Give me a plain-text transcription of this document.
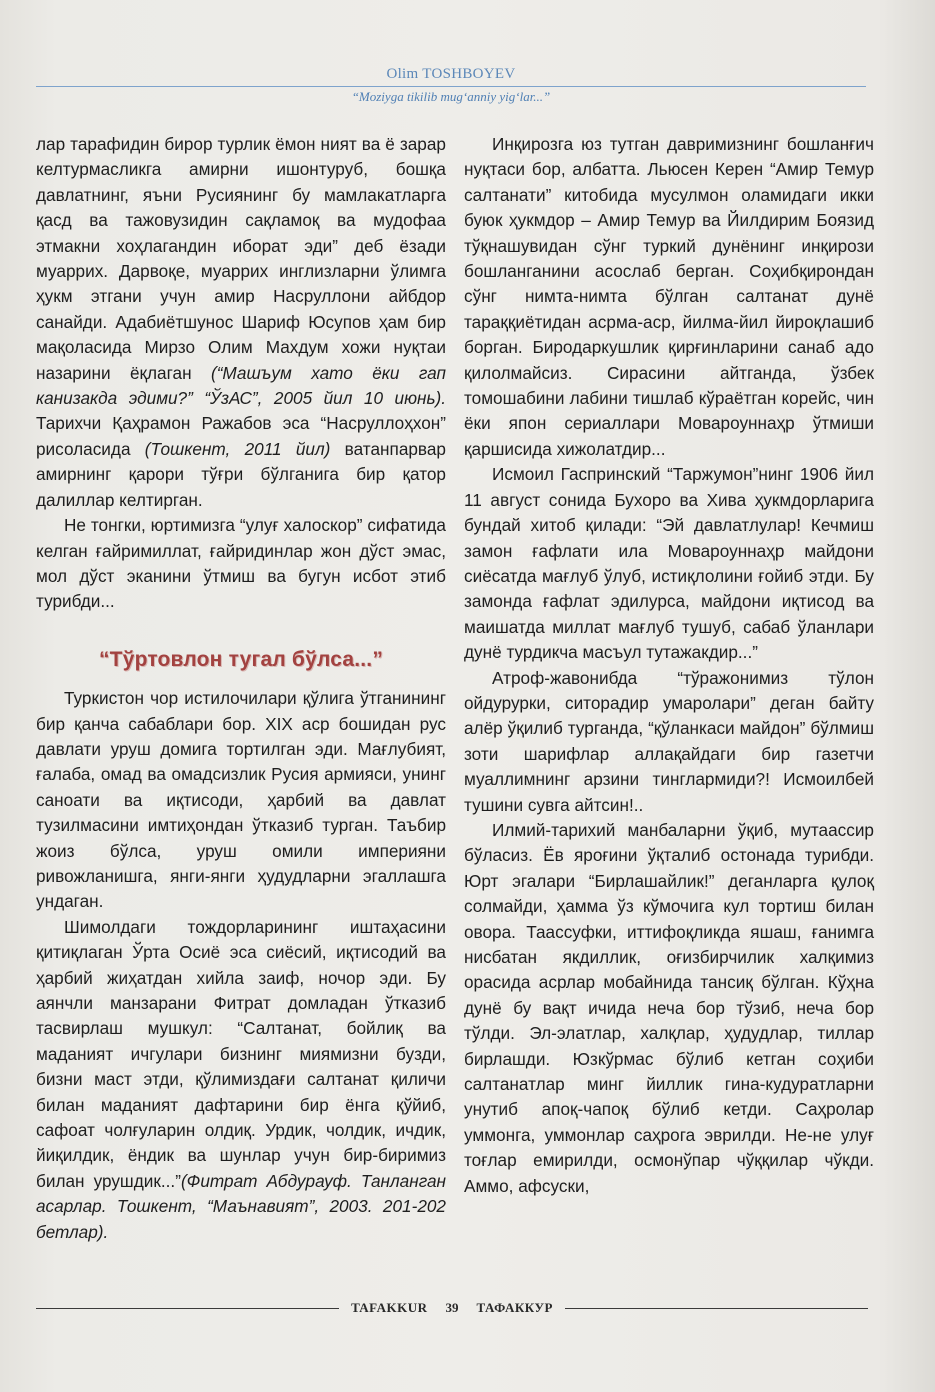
Olim TOSHBOYEV
“Moziyga tikilib mug‘anniy yig‘lar...”

лар тарафидин бирор турлик ёмон ният ва ё зарар келтурмасликга амирни ишонтуруб, бошқа давлатнинг, яъни Русиянинг бу мамлакатларга қасд ва тажовузидин сақламоқ ва мудофаа этмакни хоҳлагандин иборат эди” деб ёзади муаррих. Дарвоқе, муаррих инглизларни ўлимга ҳукм этгани учун амир Насруллони айбдор санайди. Адабиётшунос Шариф Юсупов ҳам бир мақоласида Мирзо Олим Махдум хожи нуқтаи назарини ёқлаган (“Машъум хато ёки гап канизакда эдими?” “ЎзАС”, 2005 йил 10 июнь). Тарихчи Қаҳрамон Ражабов эса “Насруллоҳхон” рисоласида (Тошкент, 2011 йил) ватанпарвар амирнинг қарори тўғри бўлганига бир қатор далиллар келтирган.

Не тонгки, юртимизга “улуғ халоскор” сифатида келган ғайримиллат, ғайридинлар жон дўст эмас, мол дўст эканини ўтмиш ва бугун исбот этиб турибди...

“Тўртовлон тугал бўлса...”

Туркистон чор истилочилари қўлига ўтганининг бир қанча сабаблари бор. XIX аср бошидан рус давлати уруш домига тортилган эди. Мағлубият, ғалаба, омад ва омадсизлик Русия армияси, унинг саноати ва иқтисоди, ҳарбий ва давлат тузилмасини имтиҳондан ўтказиб турган. Таъбир жоиз бўлса, уруш омили империяни ривожланишга, янги-янги ҳудудларни эгаллашга ундаган.

Шимолдаги тождорларининг иштаҳасини қитиқлаган Ўрта Осиё эса сиёсий, иқтисодий ва ҳарбий жиҳатдан хийла заиф, ночор эди. Бу аянчли манзарани Фитрат домладан ўтказиб тасвирлаш мушкул: “Салтанат, бойлиқ ва маданият ичгулари бизнинг миямизни бузди, бизни маст этди, қўлимиздағи салтанат қиличи билан маданият дафтарини бир ёнга қўйиб, сафоат чолғуларин олдиқ. Урдик, чолдик, ичдик, йиқилдик, ёндик ва шунлар учун бир-биримиз билан урушдик...”(Фитрат Абдурауф. Танланган асарлар. Тошкент, “Маънавият”, 2003. 201-202 бетлар).

Инқирозга юз тутган давримизнинг бошланғич нуқтаси бор, албатта. Льюсен Керен “Амир Темур салтанати” китобида мусулмон оламидаги икки буюк ҳукмдор – Амир Темур ва Йилдирим Боязид тўқнашувидан сўнг туркий дунёнинг инқирози бошланганини асослаб берган. Соҳибқирондан сўнг нимта-нимта бўлган салтанат дунё тараққиётидан асрма-аср, йилма-йил йироқлашиб борган. Биродаркушлик қирғинларини санаб адо қилолмайсиз. Сирасини айтганда, ўзбек томошабини лабини тишлаб кўраётган корейс, чин ёки япон сериаллари Мовароуннаҳр ўтмиши қаршисида хижолатдир...

Исмоил Гаспринский “Таржумон”нинг 1906 йил 11 август сонида Бухоро ва Хива ҳукмдорларига бундай хитоб қилади: “Эй давлатлулар! Кечмиш замон ғафлати ила Мовароуннаҳр майдони сиёсатда мағлуб ўлуб, истиқлолини ғойиб этди. Бу замонда ғафлат эдилурса, майдони иқтисод ва маишатда миллат мағлуб тушуб, сабаб ўланлари дунё турдикча масъул тутажакдир...”

Атроф-жавонибда “тўражонимиз тўлон ойдурурки, ситорадир умаролари” деган байту алёр ўқилиб турганда, “қўланкаси майдон” бўлмиш зоти шарифлар аллақайдаги бир газетчи муаллимнинг арзини тинглармиди?! Исмоилбей тушини сувга айтсин!..

Илмий-тарихий манбаларни ўқиб, мутаассир бўласиз. Ёв яроғини ўқталиб остонада турибди. Юрт эгалари “Бирлашайлик!” деганларга қулоқ солмайди, ҳамма ўз кўмочига кул тортиш билан овора. Таассуфки, иттифоқликда яшаш, ғанимга нисбатан якдиллик, оғизбирчилик халқимиз орасида асрлар мобайнида тансиқ бўлган. Кўҳна дунё бу вақт ичида неча бор тўзиб, неча бор тўлди. Эл-элатлар, халқлар, ҳудудлар, тиллар бирлашди. Юзкўрмас бўлиб кетган соҳиби салтанатлар минг йиллик гина-кудуратларни унутиб апоқ-чапоқ бўлиб кетди. Саҳролар уммонга, уммонлар саҳрога эврилди. Не-не улуғ тоғлар емирилди, осмонўпар чўққилар чўкди. Аммо, афсуски,

TAFAKKUR	39	ТАФАККУР
